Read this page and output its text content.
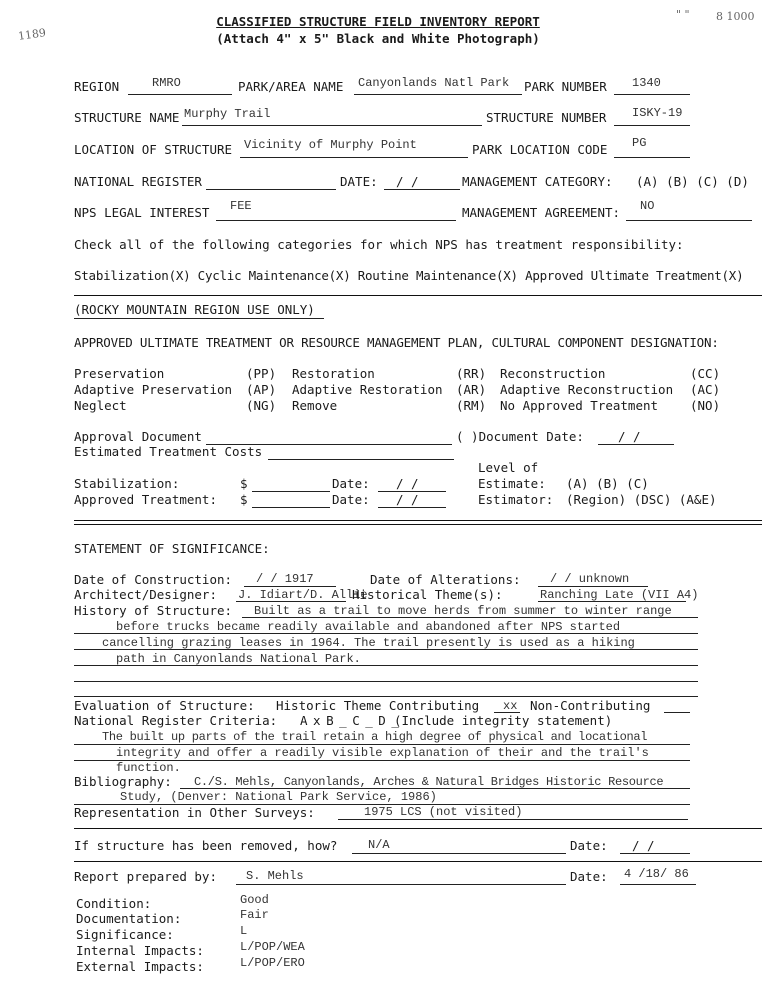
1189
" " 8 1000
CLASSIFIED STRUCTURE FIELD INVENTORY REPORT
(Attach 4" x 5" Black and White Photograph)
REGION	RMRO	PARK/AREA NAME Canyonlands Natl Park PARK NUMBER 1340
STRUCTURE NAME Murphy Trail	STRUCTURE NUMBER ISKY-19
LOCATION OF STRUCTURE Vicinity of Murphy Point	PARK LOCATION CODE PG
NATIONAL REGISTER	DATE: / /	MANAGEMENT CATEGORY: (A) (B) (C) (D)
NPS LEGAL INTEREST FEE	MANAGEMENT AGREEMENT: NO
Check all of the following categories for which NPS has treatment responsibility:
Stabilization(X) Cyclic Maintenance(X) Routine Maintenance(X) Approved Ultimate Treatment(X)
(ROCKY MOUNTAIN REGION USE ONLY)
APPROVED ULTIMATE TREATMENT OR RESOURCE MANAGEMENT PLAN, CULTURAL COMPONENT DESIGNATION:
Preservation	(PP) Restoration	(RR) Reconstruction	(CC)
Adaptive Preservation (AP) Adaptive Restoration (AR) Adaptive Reconstruction (AC)
Neglect	(NG) Remove	(RM) No Approved Treatment	(NO)
Approval Document	( )Document Date:	/ /
Estimated Treatment Costs
Level of
Stabilization:	$	Date: / /	Estimate: (A) (B) (C)
Approved Treatment: $	Date: / /	Estimator: (Region) (DSC) (A&E)
STATEMENT OF SIGNIFICANCE:
Date of Construction: / / 1917	Date of Alterations: / / unknown
Architect/Designer: J. Idiart/D. Allie
Historical Theme(s):	Ranching Late (VII A4)
History of Structure: Built as a trail to move herds from summer to winter range
before trucks became readily available and abandoned after NPS started
cancelling grazing leases in 1964. The trail presently is used as a hiking
path in Canyonlands National Park.
Evaluation of Structure: Historic Theme Contributing xx Non-Contributing
National Register Criteria: A x B _ C _ D _
(Include integrity statement)
The built up parts of the trail retain a high degree of physical and locational
integrity and offer a readily visible explanation of their and the trail's
function.
Bibliography: C./S. Mehls, Canyonlands, Arches & Natural Bridges Historic Resource
Study, (Denver: National Park Service, 1986)
Representation in Other Surveys:	1975 LCS (not visited)
If structure has been removed, how?	N/A	Date: / /
Report prepared by: S. Mehls	Date: 4 /18/ 86
Condition:	Good
Documentation:	Fair
Significance:	L
Internal Impacts:	L/POP/WEA
External Impacts:	L/POP/ERO
